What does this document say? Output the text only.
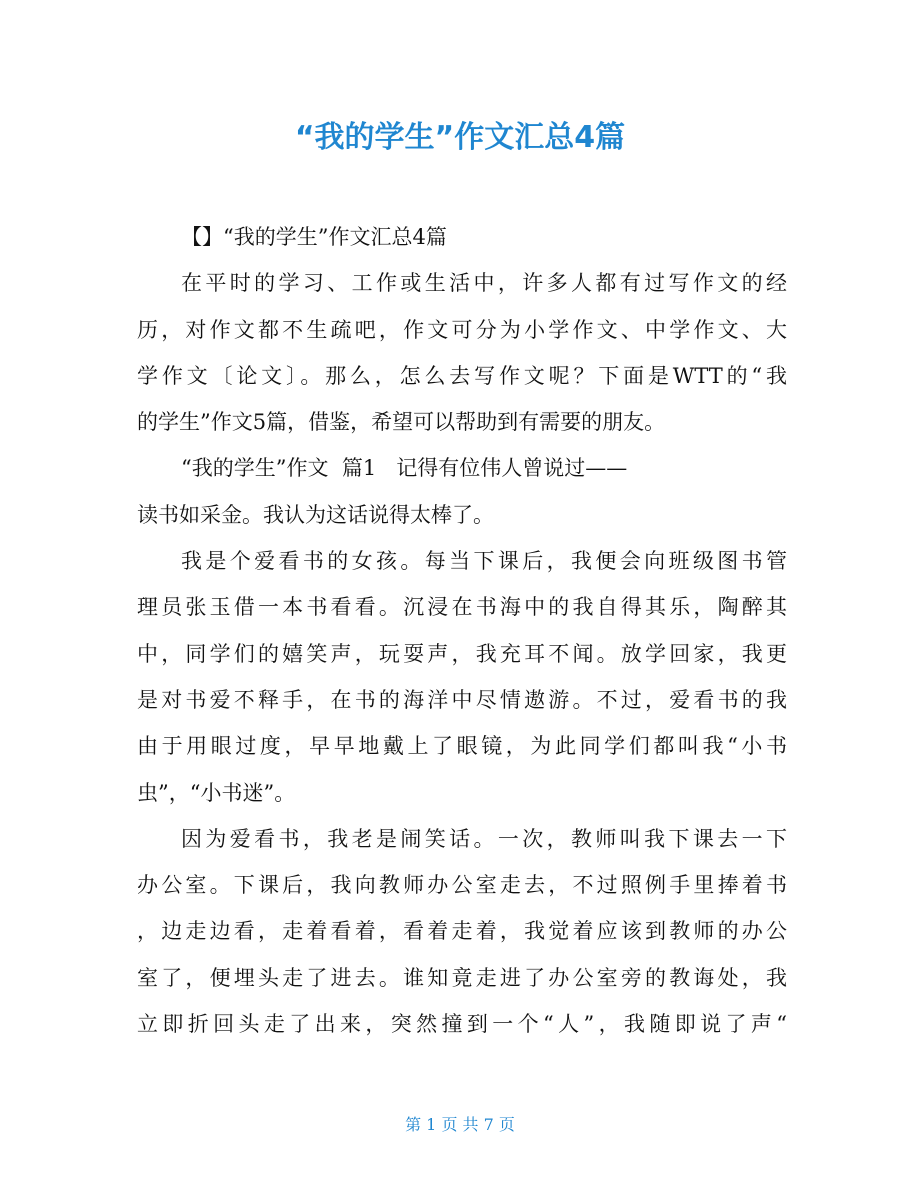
“我的学生”作文汇总4篇
【】“我的学生”作文汇总4篇
在平时的学习、工作或生活中，许多人都有过写作文的经
历，对作文都不生疏吧，作文可分为小学作文、中学作文、大
学作文〔论文〕。那么，怎么去写作文呢？下面是WTT的“我
的学生”作文5篇，借鉴，希望可以帮助到有需要的朋友。
“我的学生”作文  篇1   记得有位伟人曾说过——
读书如采金。我认为这话说得太棒了。
我是个爱看书的女孩。每当下课后，我便会向班级图书管
理员张玉借一本书看看。沉浸在书海中的我自得其乐，陶醉其
中，同学们的嬉笑声，玩耍声，我充耳不闻。放学回家，我更
是对书爱不释手，在书的海洋中尽情遨游。不过，爱看书的我
由于用眼过度，早早地戴上了眼镜，为此同学们都叫我“小书
虫”，“小书迷”。
因为爱看书，我老是闹笑话。一次，教师叫我下课去一下
办公室。下课后，我向教师办公室走去，不过照例手里捧着书
，边走边看，走着看着，看着走着，我觉着应该到教师的办公
室了，便埋头走了进去。谁知竟走进了办公室旁的教诲处，我
立即折回头走了出来，突然撞到一个“人”，我随即说了声“
第 1 页 共 7 页
